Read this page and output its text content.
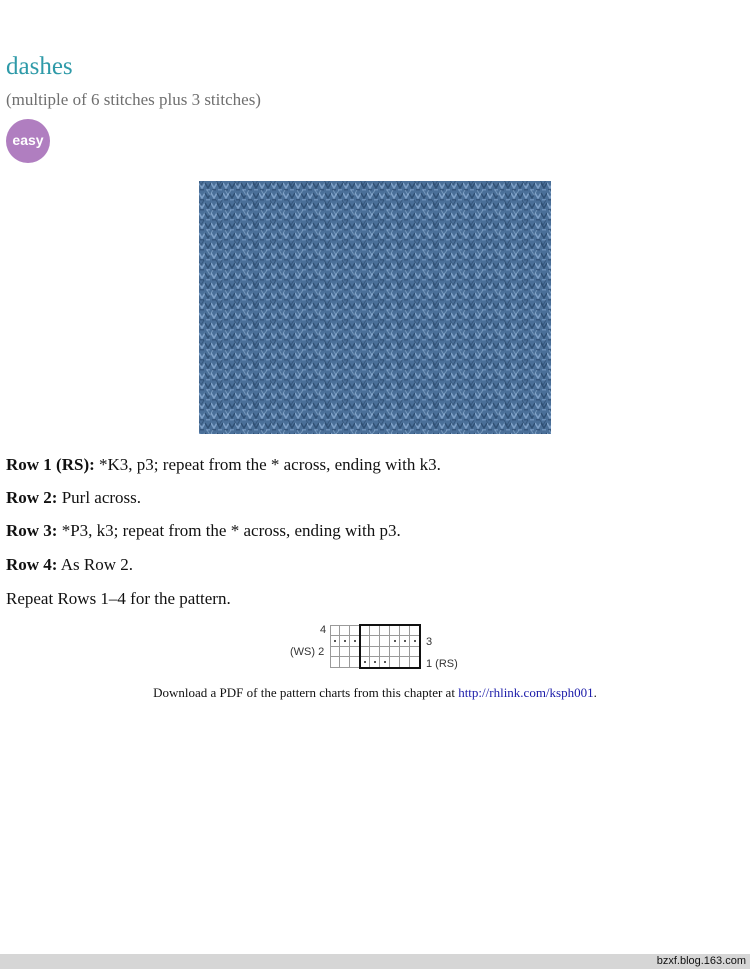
dashes
(multiple of 6 stitches plus 3 stitches)
easy
Row 1 (RS): *K3, p3; repeat from the * across, ending with k3.
Row 2: Purl across.
Row 3: *P3, k3; repeat from the * across, ending with p3.
Row 4: As Row 2.
Repeat Rows 1–4 for the pattern.
4
(WS) 2
3
1 (RS)
Download a PDF of the pattern charts from this chapter at http://rhlink.com/ksph001.
bzxf.blog.163.com
